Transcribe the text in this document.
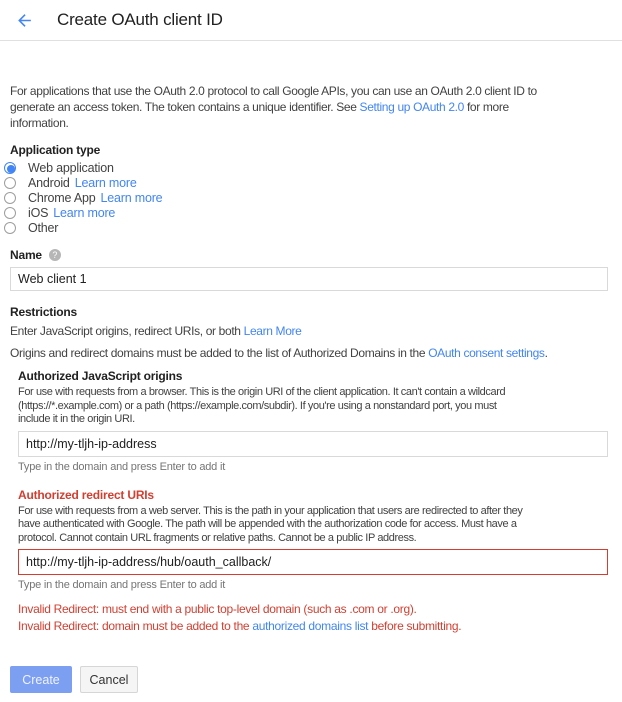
Create OAuth client ID
For applications that use the OAuth 2.0 protocol to call Google APIs, you can use an OAuth 2.0 client ID to
generate an access token. The token contains a unique identifier. See Setting up OAuth 2.0 for more
information.
Application type
Web application
Android Learn more
Chrome App Learn more
iOS Learn more
Other
Name	?
Web client 1
Restrictions
Enter JavaScript origins, redirect URIs, or both Learn More
Origins and redirect domains must be added to the list of Authorized Domains in the OAuth consent settings.
Authorized JavaScript origins
For use with requests from a browser. This is the origin URI of the client application. It can't contain a wildcard
(https://*.example.com) or a path (https://example.com/subdir). If you're using a nonstandard port, you must
include it in the origin URI.
http://my-tljh-ip-address
Type in the domain and press Enter to add it
Authorized redirect URIs
For use with requests from a web server. This is the path in your application that users are redirected to after they
have authenticated with Google. The path will be appended with the authorization code for access. Must have a
protocol. Cannot contain URL fragments or relative paths. Cannot be a public IP address.
http://my-tljh-ip-address/hub/oauth_callback/
Type in the domain and press Enter to add it
Invalid Redirect: must end with a public top-level domain (such as .com or .org).
Invalid Redirect: domain must be added to the authorized domains list before submitting.
Create	Cancel
